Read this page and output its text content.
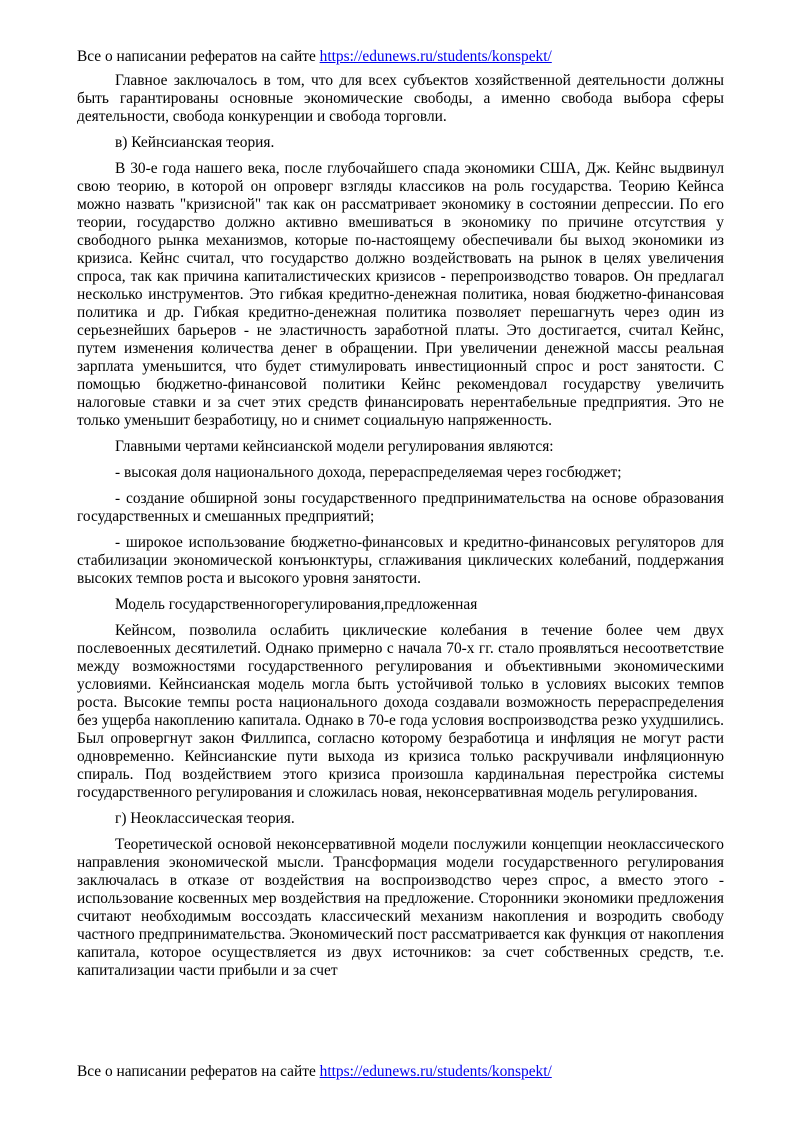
Все о написании рефератов на сайте https://edunews.ru/students/konspekt/

Главное заключалось в том, что для всех субъектов хозяйственной деятельности должны быть гарантированы основные экономические свободы, а именно свобода выбора сферы деятельности, свобода конкуренции и свобода торговли.

в) Кейнсианская теория.

В 30-е года нашего века, после глубочайшего спада экономики США, Дж. Кейнс выдвинул свою теорию, в которой он опроверг взгляды классиков на роль государства. Теорию Кейнса можно назвать "кризисной" так как он рассматривает экономику в состоянии депрессии. По его теории, государство должно активно вмешиваться в экономику по причине отсутствия у свободного рынка механизмов, которые по-настоящему обеспечивали бы выход экономики из кризиса. Кейнс считал, что государство должно воздействовать на рынок в целях увеличения спроса, так как причина капиталистических кризисов - перепроизводство товаров. Он предлагал несколько инструментов. Это гибкая кредитно-денежная политика, новая бюджетно-финансовая политика и др. Гибкая кредитно-денежная политика позволяет перешагнуть через один из серьезнейших барьеров - не эластичность заработной платы. Это достигается, считал Кейнс, путем изменения количества денег в обращении. При увеличении денежной массы реальная зарплата уменьшится, что будет стимулировать инвестиционный спрос и рост занятости. С помощью бюджетно-финансовой политики Кейнс рекомендовал государству увеличить налоговые ставки и за счет этих средств финансировать нерентабельные предприятия. Это не только уменьшит безработицу, но и снимет социальную напряженность.

Главными чертами кейнсианской модели регулирования являются:

- высокая доля национального дохода, перераспределяемая через госбюджет;

- создание обширной зоны государственного предпринимательства на основе образования государственных и смешанных предприятий;

- широкое использование бюджетно-финансовых и кредитно-финансовых регуляторов для стабилизации экономической конъюнктуры, сглаживания циклических колебаний, поддержания высоких темпов роста и высокого уровня занятости.

Модель государственногорегулирования,предложенная

Кейнсом, позволила ослабить циклические колебания в течение более чем двух послевоенных десятилетий. Однако примерно с начала 70-х гг. стало проявляться несоответствие между возможностями государственного регулирования и объективными экономическими условиями. Кейнсианская модель могла быть устойчивой только в условиях высоких темпов роста. Высокие темпы роста национального дохода создавали возможность перераспределения без ущерба накоплению капитала. Однако в 70-е года условия воспроизводства резко ухудшились. Был опровергнут закон Филлипса, согласно которому безработица и инфляция не могут расти одновременно. Кейнсианские пути выхода из кризиса только раскручивали инфляционную спираль. Под воздействием этого кризиса произошла кардинальная перестройка системы государственного регулирования и сложилась новая, неконсервативная модель регулирования.

г) Неоклассическая теория.

Теоретической основой неконсервативной модели послужили концепции неоклассического направления экономической мысли. Трансформация модели государственного регулирования заключалась в отказе от воздействия на воспроизводство через спрос, а вместо этого - использование косвенных мер воздействия на предложение. Сторонники экономики предложения считают необходимым воссоздать классический механизм накопления и возродить свободу частного предпринимательства. Экономический пост рассматривается как функция от накопления капитала, которое осуществляется из двух источников: за счет собственных средств, т.е. капитализации части прибыли и за счет

Все о написании рефератов на сайте https://edunews.ru/students/konspekt/
